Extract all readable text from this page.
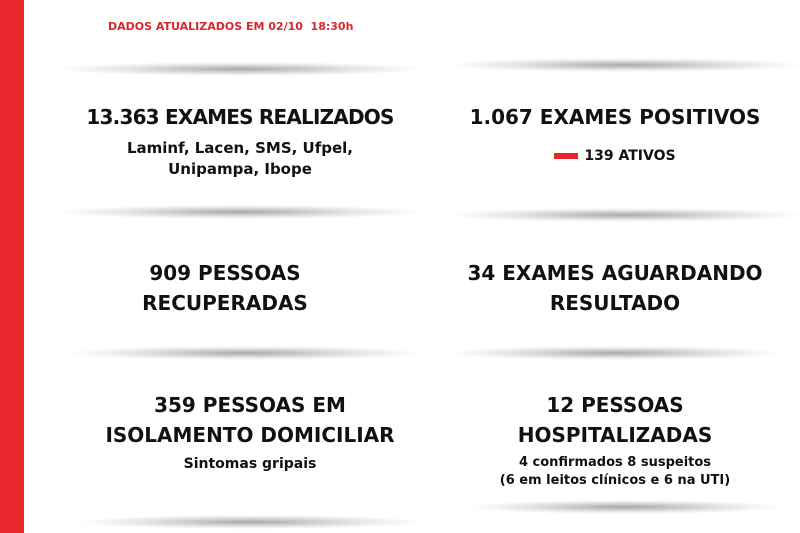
DADOS ATUALIZADOS EM 02/10  18:30h
13.363 EXAMES REALIZADOS
Laminf, Lacen, SMS, Ufpel,
Unipampa, Ibope
1.067 EXAMES POSITIVOS
139 ATIVOS
909 PESSOAS
RECUPERADAS
34 EXAMES AGUARDANDO
RESULTADO
359 PESSOAS EM
ISOLAMENTO DOMICILIAR
Sintomas gripais
12 PESSOAS
HOSPITALIZADAS
4 confirmados 8 suspeitos
(6 em leitos clínicos e 6 na UTI)
